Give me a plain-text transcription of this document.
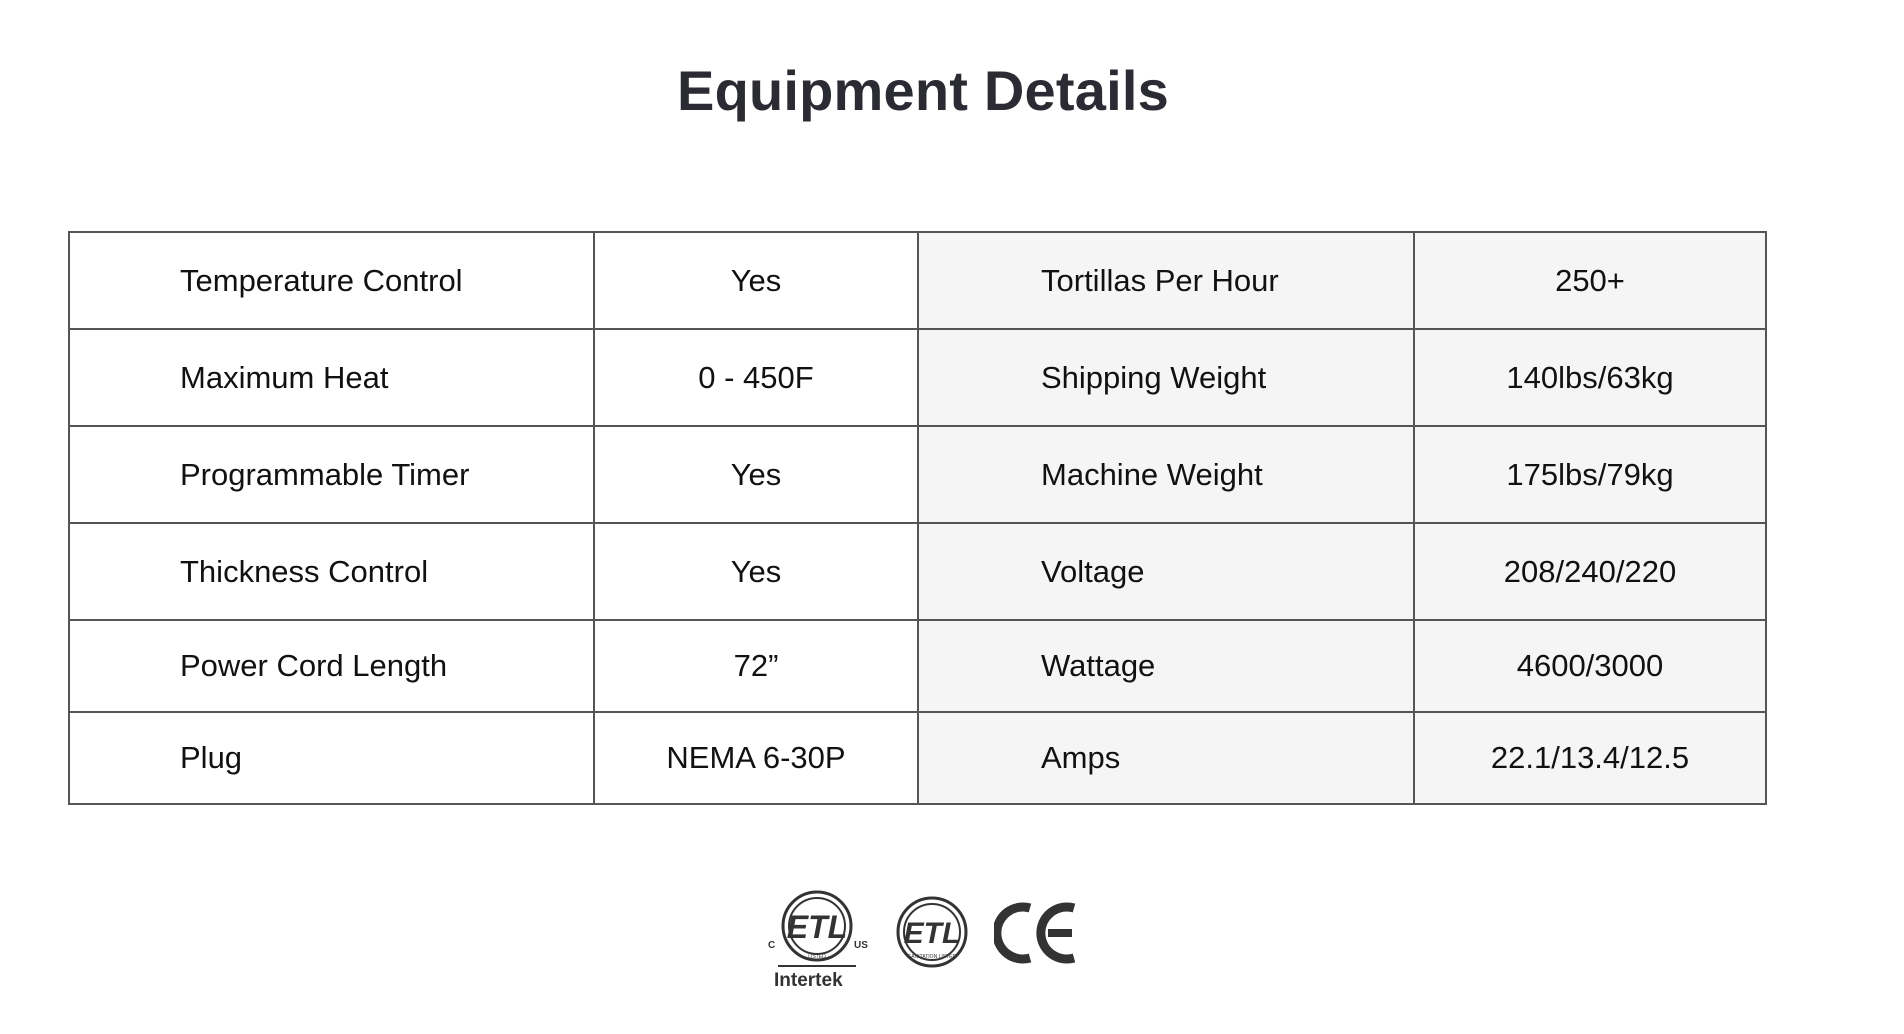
Equipment Details
Temperature Control	Yes	Tortillas Per Hour	250+
Maximum Heat	0 - 450F	Shipping Weight	140lbs/63kg
Programmable Timer	Yes	Machine Weight	175lbs/79kg
Thickness Control	Yes	Voltage	208/240/220
Power Cord Length	72”	Wattage	4600/3000
Plug	NEMA 6-30P	Amps	22.1/13.4/12.5
ETL
C	US
LISTED
Intertek
ETL
SANITATION LISTED
